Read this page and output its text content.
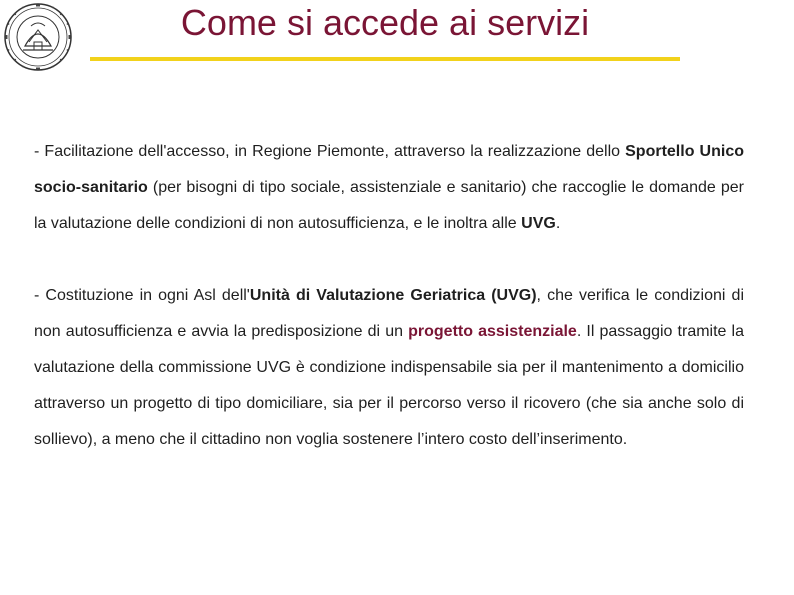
Come si accede ai servizi

- Facilitazione dell'accesso, in Regione Piemonte, attraverso la realizzazione dello Sportello Unico socio-sanitario (per bisogni di tipo sociale, assistenziale e sanitario) che raccoglie le domande per la valutazione delle condizioni di non autosufficienza, e le inoltra alle UVG.

- Costituzione in ogni Asl dell'Unità di Valutazione Geriatrica (UVG), che verifica le condizioni di non autosufficienza e avvia la predisposizione di un progetto assistenziale. Il passaggio tramite la valutazione della commissione UVG è condizione indispensabile sia per il mantenimento a domicilio attraverso un progetto di tipo domiciliare, sia per il percorso verso il ricovero (che sia anche solo di sollievo), a meno che il cittadino non voglia sostenere l’intero costo dell’inserimento.
